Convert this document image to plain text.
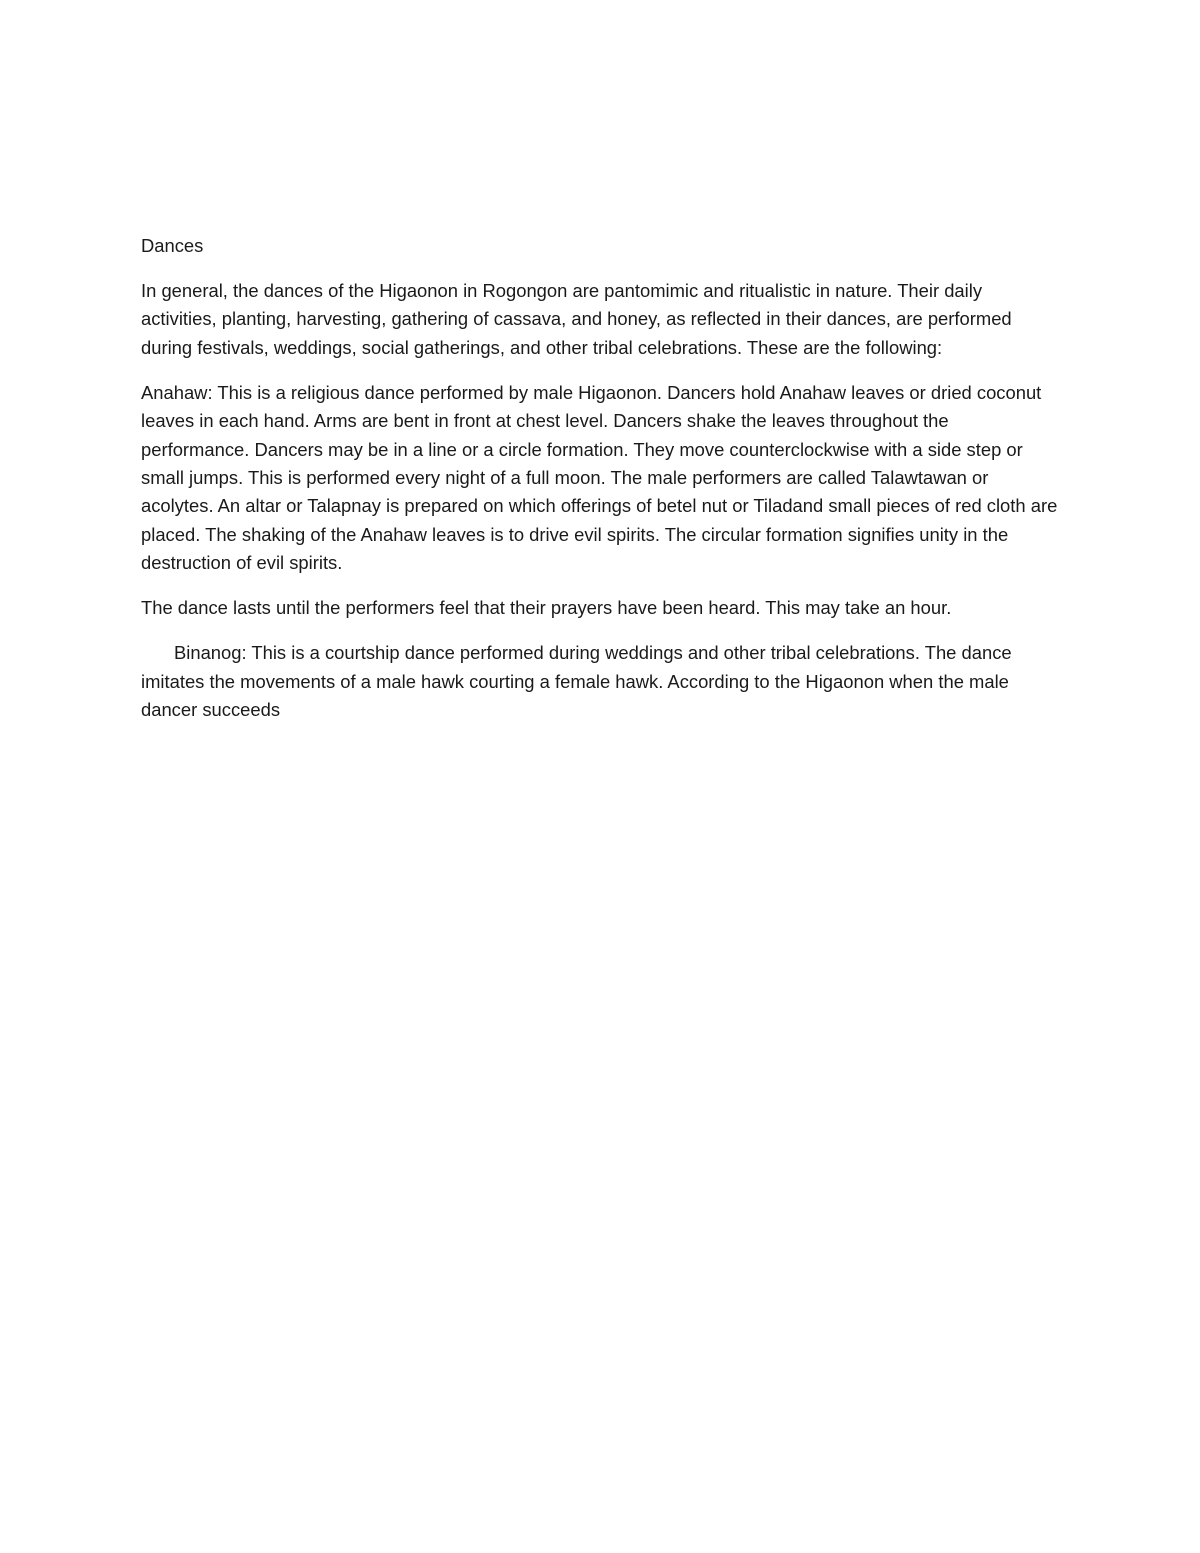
Dances

In general, the dances of the Higaonon in Rogongon are pantomimic and ritualistic in nature. Their daily activities, planting, harvesting, gathering of cassava, and honey, as reflected in their dances, are performed during festivals, weddings, social gatherings, and other tribal celebrations. These are the following:

Anahaw: This is a religious dance performed by male Higaonon. Dancers hold Anahaw leaves or dried coconut leaves in each hand. Arms are bent in front at chest level. Dancers shake the leaves throughout the performance. Dancers may be in a line or a circle formation. They move counterclockwise with a side step or small jumps. This is performed every night of a full moon. The male performers are called Talawtawan or acolytes. An altar or Talapnay is prepared on which offerings of betel nut or Tiladand small pieces of red cloth are placed. The shaking of the Anahaw leaves is to drive evil spirits. The circular formation signifies unity in the destruction of evil spirits.

The dance lasts until the performers feel that their prayers have been heard. This may take an hour.

Binanog: This is a courtship dance performed during weddings and other tribal celebrations. The dance imitates the movements of a male hawk courting a female hawk. According to the Higaonon when the male dancer succeeds
